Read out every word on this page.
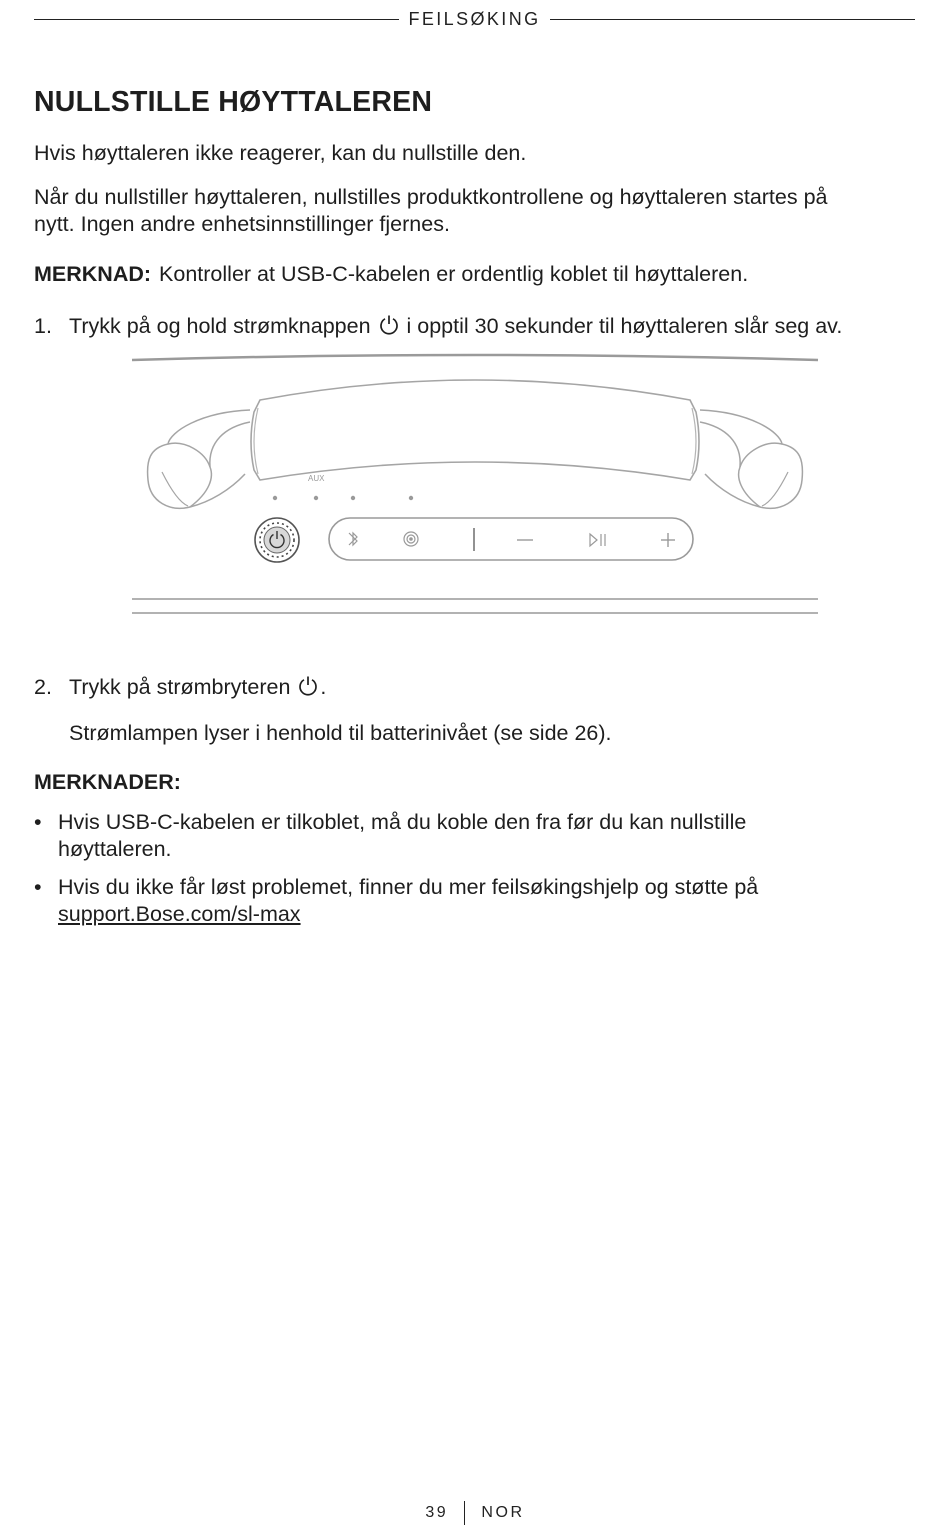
FEILSØKING
NULLSTILLE HØYTTALEREN

Hvis høyttaleren ikke reagerer, kan du nullstille den.

Når du nullstiller høyttaleren, nullstilles produktkontrollene og høyttaleren startes på
nytt. Ingen andre enhetsinnstillinger fjernes.

MERKNAD: Kontroller at USB-C-kabelen er ordentlig koblet til høyttaleren.

1. Trykk på og hold strømknappen i opptil 30 sekunder til høyttaleren slår seg av.
AUX
2. Trykk på strømbryteren .

Strømlampen lyser i henhold til batterinivået (se side 26).

MERKNADER:
• Hvis USB-C-kabelen er tilkoblet, må du koble den fra før du kan nullstille
høyttaleren.
• Hvis du ikke får løst problemet, finner du mer feilsøkingshjelp og støtte på
support.Bose.com/sl-max
39 NOR
